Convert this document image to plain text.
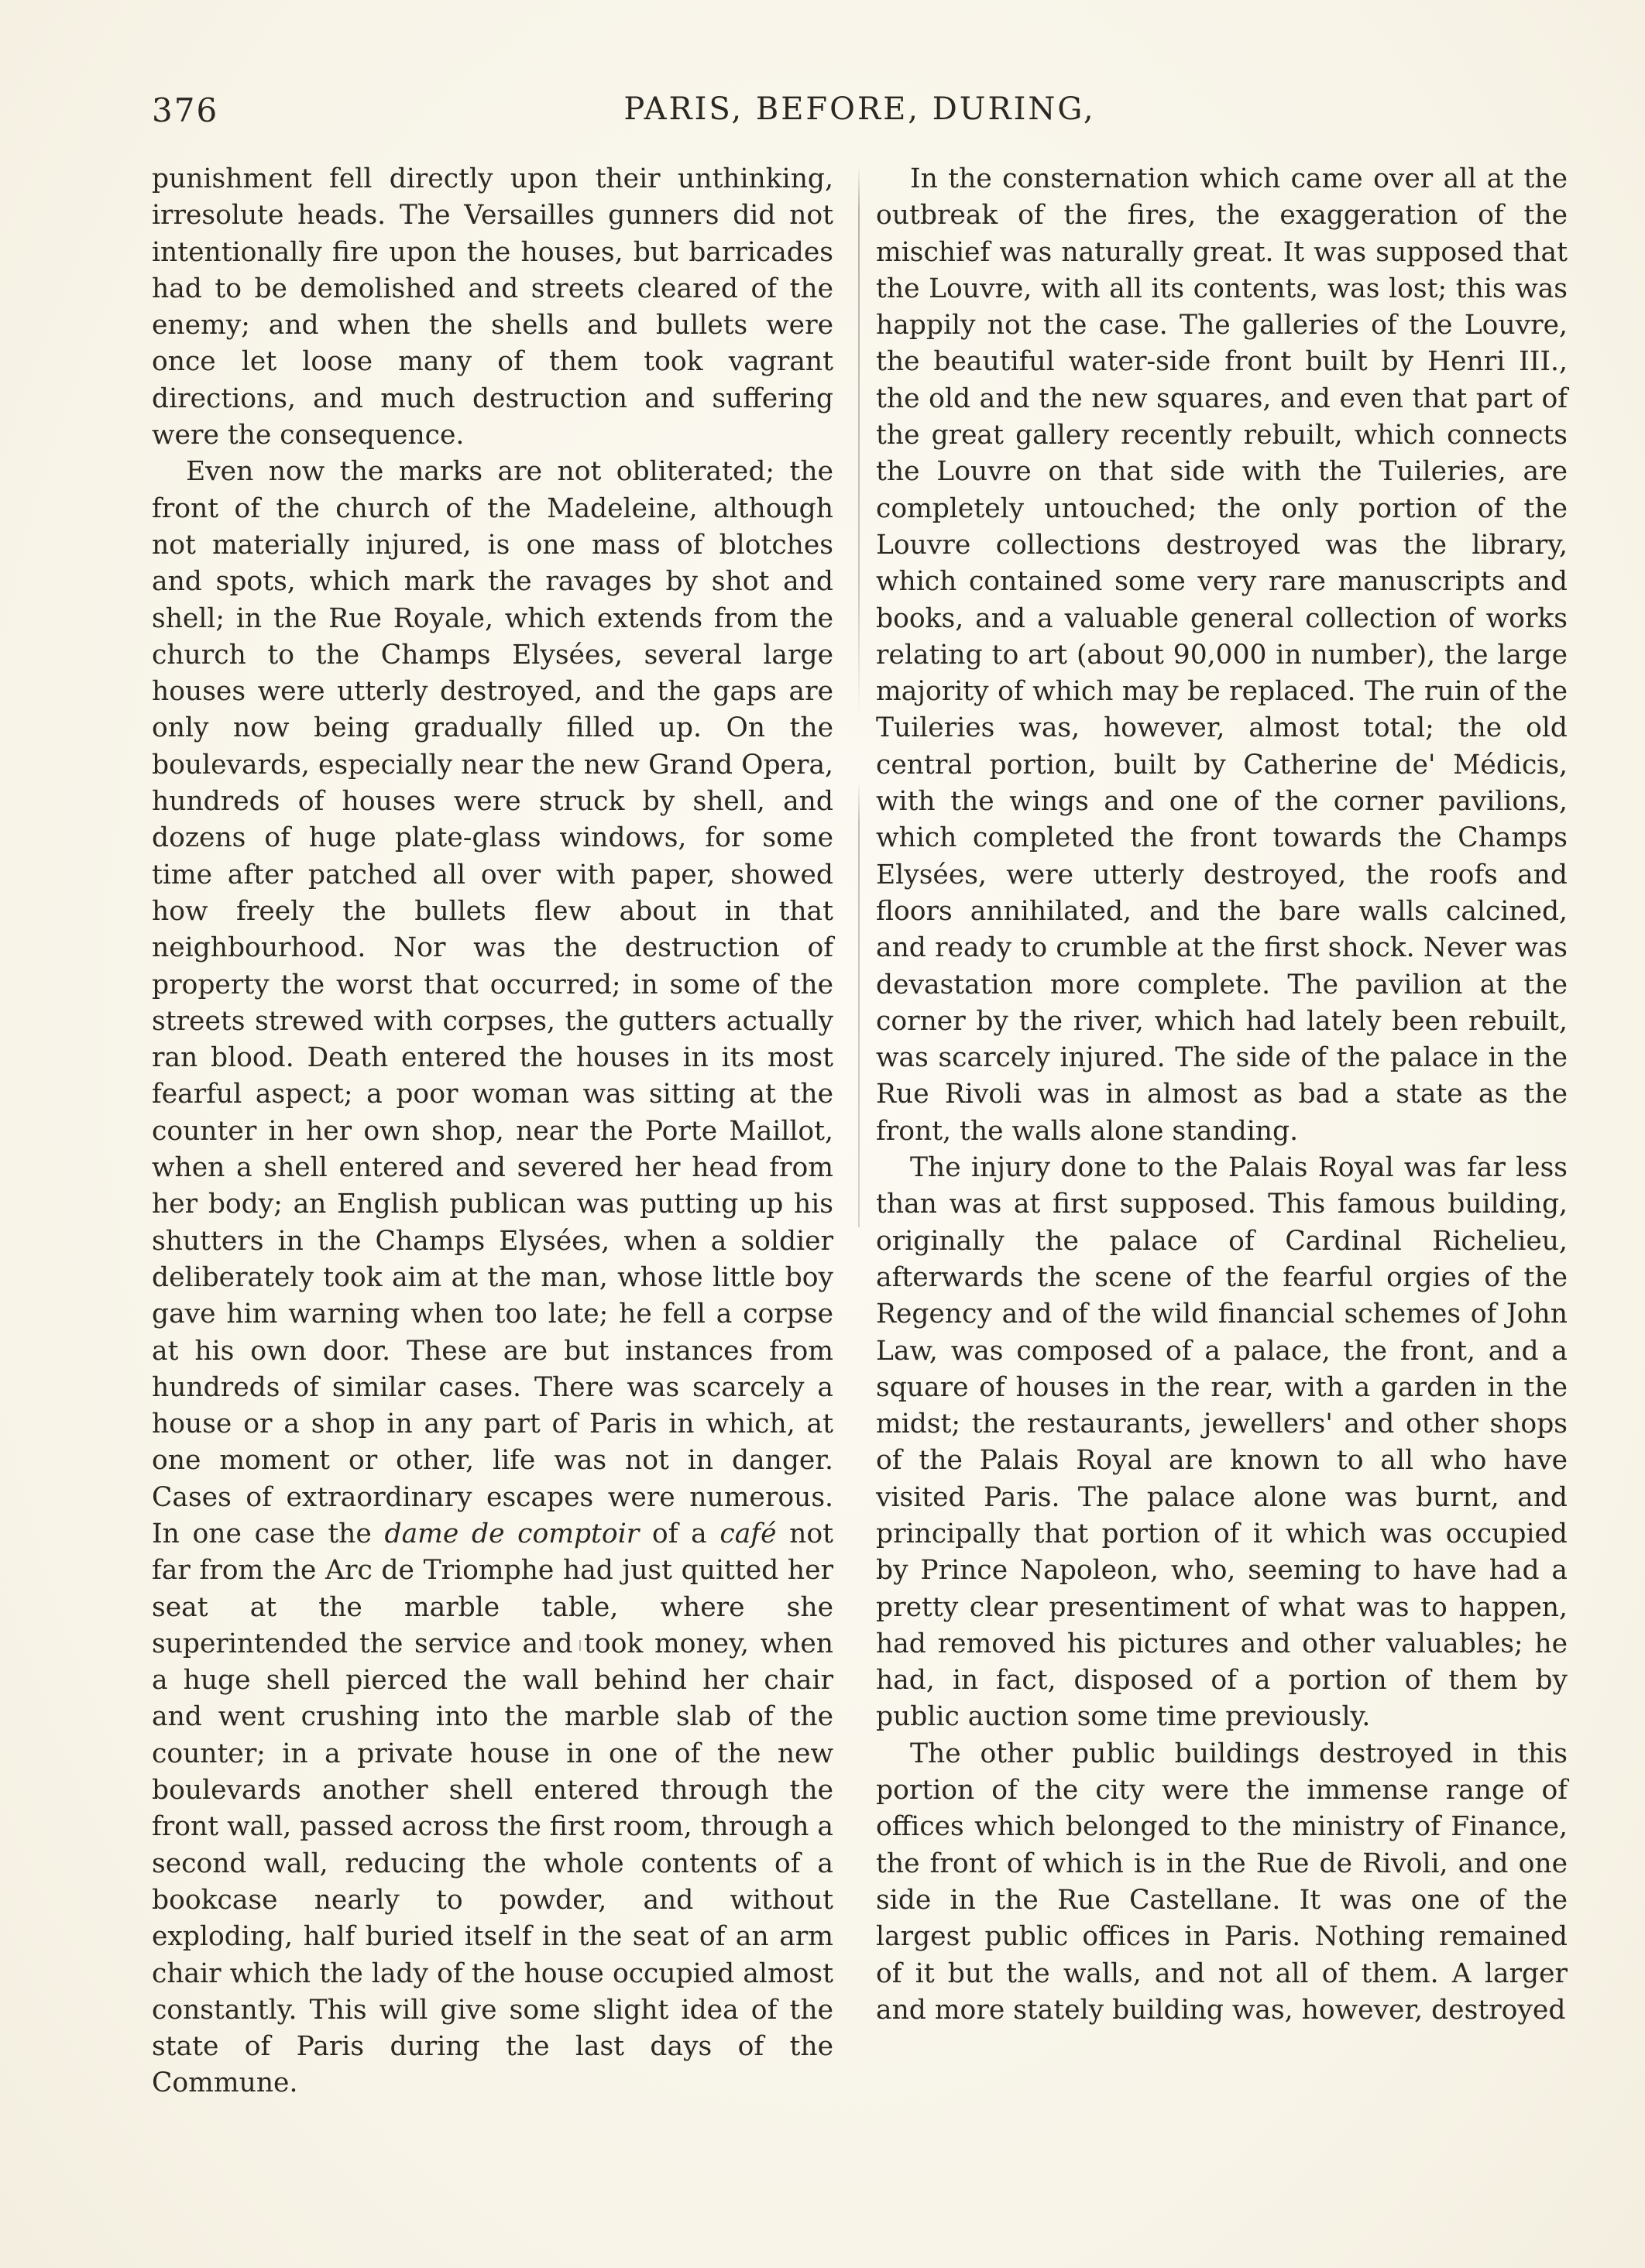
376	PARIS, BEFORE, DURING,

punishment fell directly upon their unthinking, irresolute heads. The Versailles gunners did not intentionally fire upon the houses, but barricades had to be demolished and streets cleared of the enemy; and when the shells and bullets were once let loose many of them took vagrant directions, and much destruction and suffering were the consequence.

Even now the marks are not obliterated; the front of the church of the Madeleine, although not materially injured, is one mass of blotches and spots, which mark the ravages by shot and shell; in the Rue Royale, which extends from the church to the Champs Elysées, several large houses were utterly destroyed, and the gaps are only now being gradually filled up. On the boulevards, especially near the new Grand Opera, hundreds of houses were struck by shell, and dozens of huge plate-glass windows, for some time after patched all over with paper, showed how freely the bullets flew about in that neighbourhood. Nor was the destruction of property the worst that occurred; in some of the streets strewed with corpses, the gutters actually ran blood. Death entered the houses in its most fearful aspect; a poor woman was sitting at the counter in her own shop, near the Porte Maillot, when a shell entered and severed her head from her body; an English publican was putting up his shutters in the Champs Elysées, when a soldier deliberately took aim at the man, whose little boy gave him warning when too late; he fell a corpse at his own door. These are but instances from hundreds of similar cases. There was scarcely a house or a shop in any part of Paris in which, at one moment or other, life was not in danger. Cases of extraordinary escapes were numerous. In one case the dame de comptoir of a café not far from the Arc de Triomphe had just quitted her seat at the marble table, where she superintended the service and took money, when a huge shell pierced the wall behind her chair and went crushing into the marble slab of the counter; in a private house in one of the new boulevards another shell entered through the front wall, passed across the first room, through a second wall, reducing the whole contents of a bookcase nearly to powder, and without exploding, half buried itself in the seat of an arm chair which the lady of the house occupied almost constantly. This will give some slight idea of the state of Paris during the last days of the Commune.

In the consternation which came over all at the outbreak of the fires, the exaggeration of the mischief was naturally great. It was supposed that the Louvre, with all its contents, was lost; this was happily not the case. The galleries of the Louvre, the beautiful water-side front built by Henri III., the old and the new squares, and even that part of the great gallery recently rebuilt, which connects the Louvre on that side with the Tuileries, are completely untouched; the only portion of the Louvre collections destroyed was the library, which contained some very rare manuscripts and books, and a valuable general collection of works relating to art (about 90,000 in number), the large majority of which may be replaced. The ruin of the Tuileries was, however, almost total; the old central portion, built by Catherine de' Médicis, with the wings and one of the corner pavilions, which completed the front towards the Champs Elysées, were utterly destroyed, the roofs and floors annihilated, and the bare walls calcined, and ready to crumble at the first shock. Never was devastation more complete. The pavilion at the corner by the river, which had lately been rebuilt, was scarcely injured. The side of the palace in the Rue Rivoli was in almost as bad a state as the front, the walls alone standing.

The injury done to the Palais Royal was far less than was at first supposed. This famous building, originally the palace of Cardinal Richelieu, afterwards the scene of the fearful orgies of the Regency and of the wild financial schemes of John Law, was composed of a palace, the front, and a square of houses in the rear, with a garden in the midst; the restaurants, jewellers' and other shops of the Palais Royal are known to all who have visited Paris. The palace alone was burnt, and principally that portion of it which was occupied by Prince Napoleon, who, seeming to have had a pretty clear presentiment of what was to happen, had removed his pictures and other valuables; he had, in fact, disposed of a portion of them by public auction some time previously.

The other public buildings destroyed in this portion of the city were the immense range of offices which belonged to the ministry of Finance, the front of which is in the Rue de Rivoli, and one side in the Rue Castellane. It was one of the largest public offices in Paris. Nothing remained of it but the walls, and not all of them. A larger and more stately building was, however, destroyed
